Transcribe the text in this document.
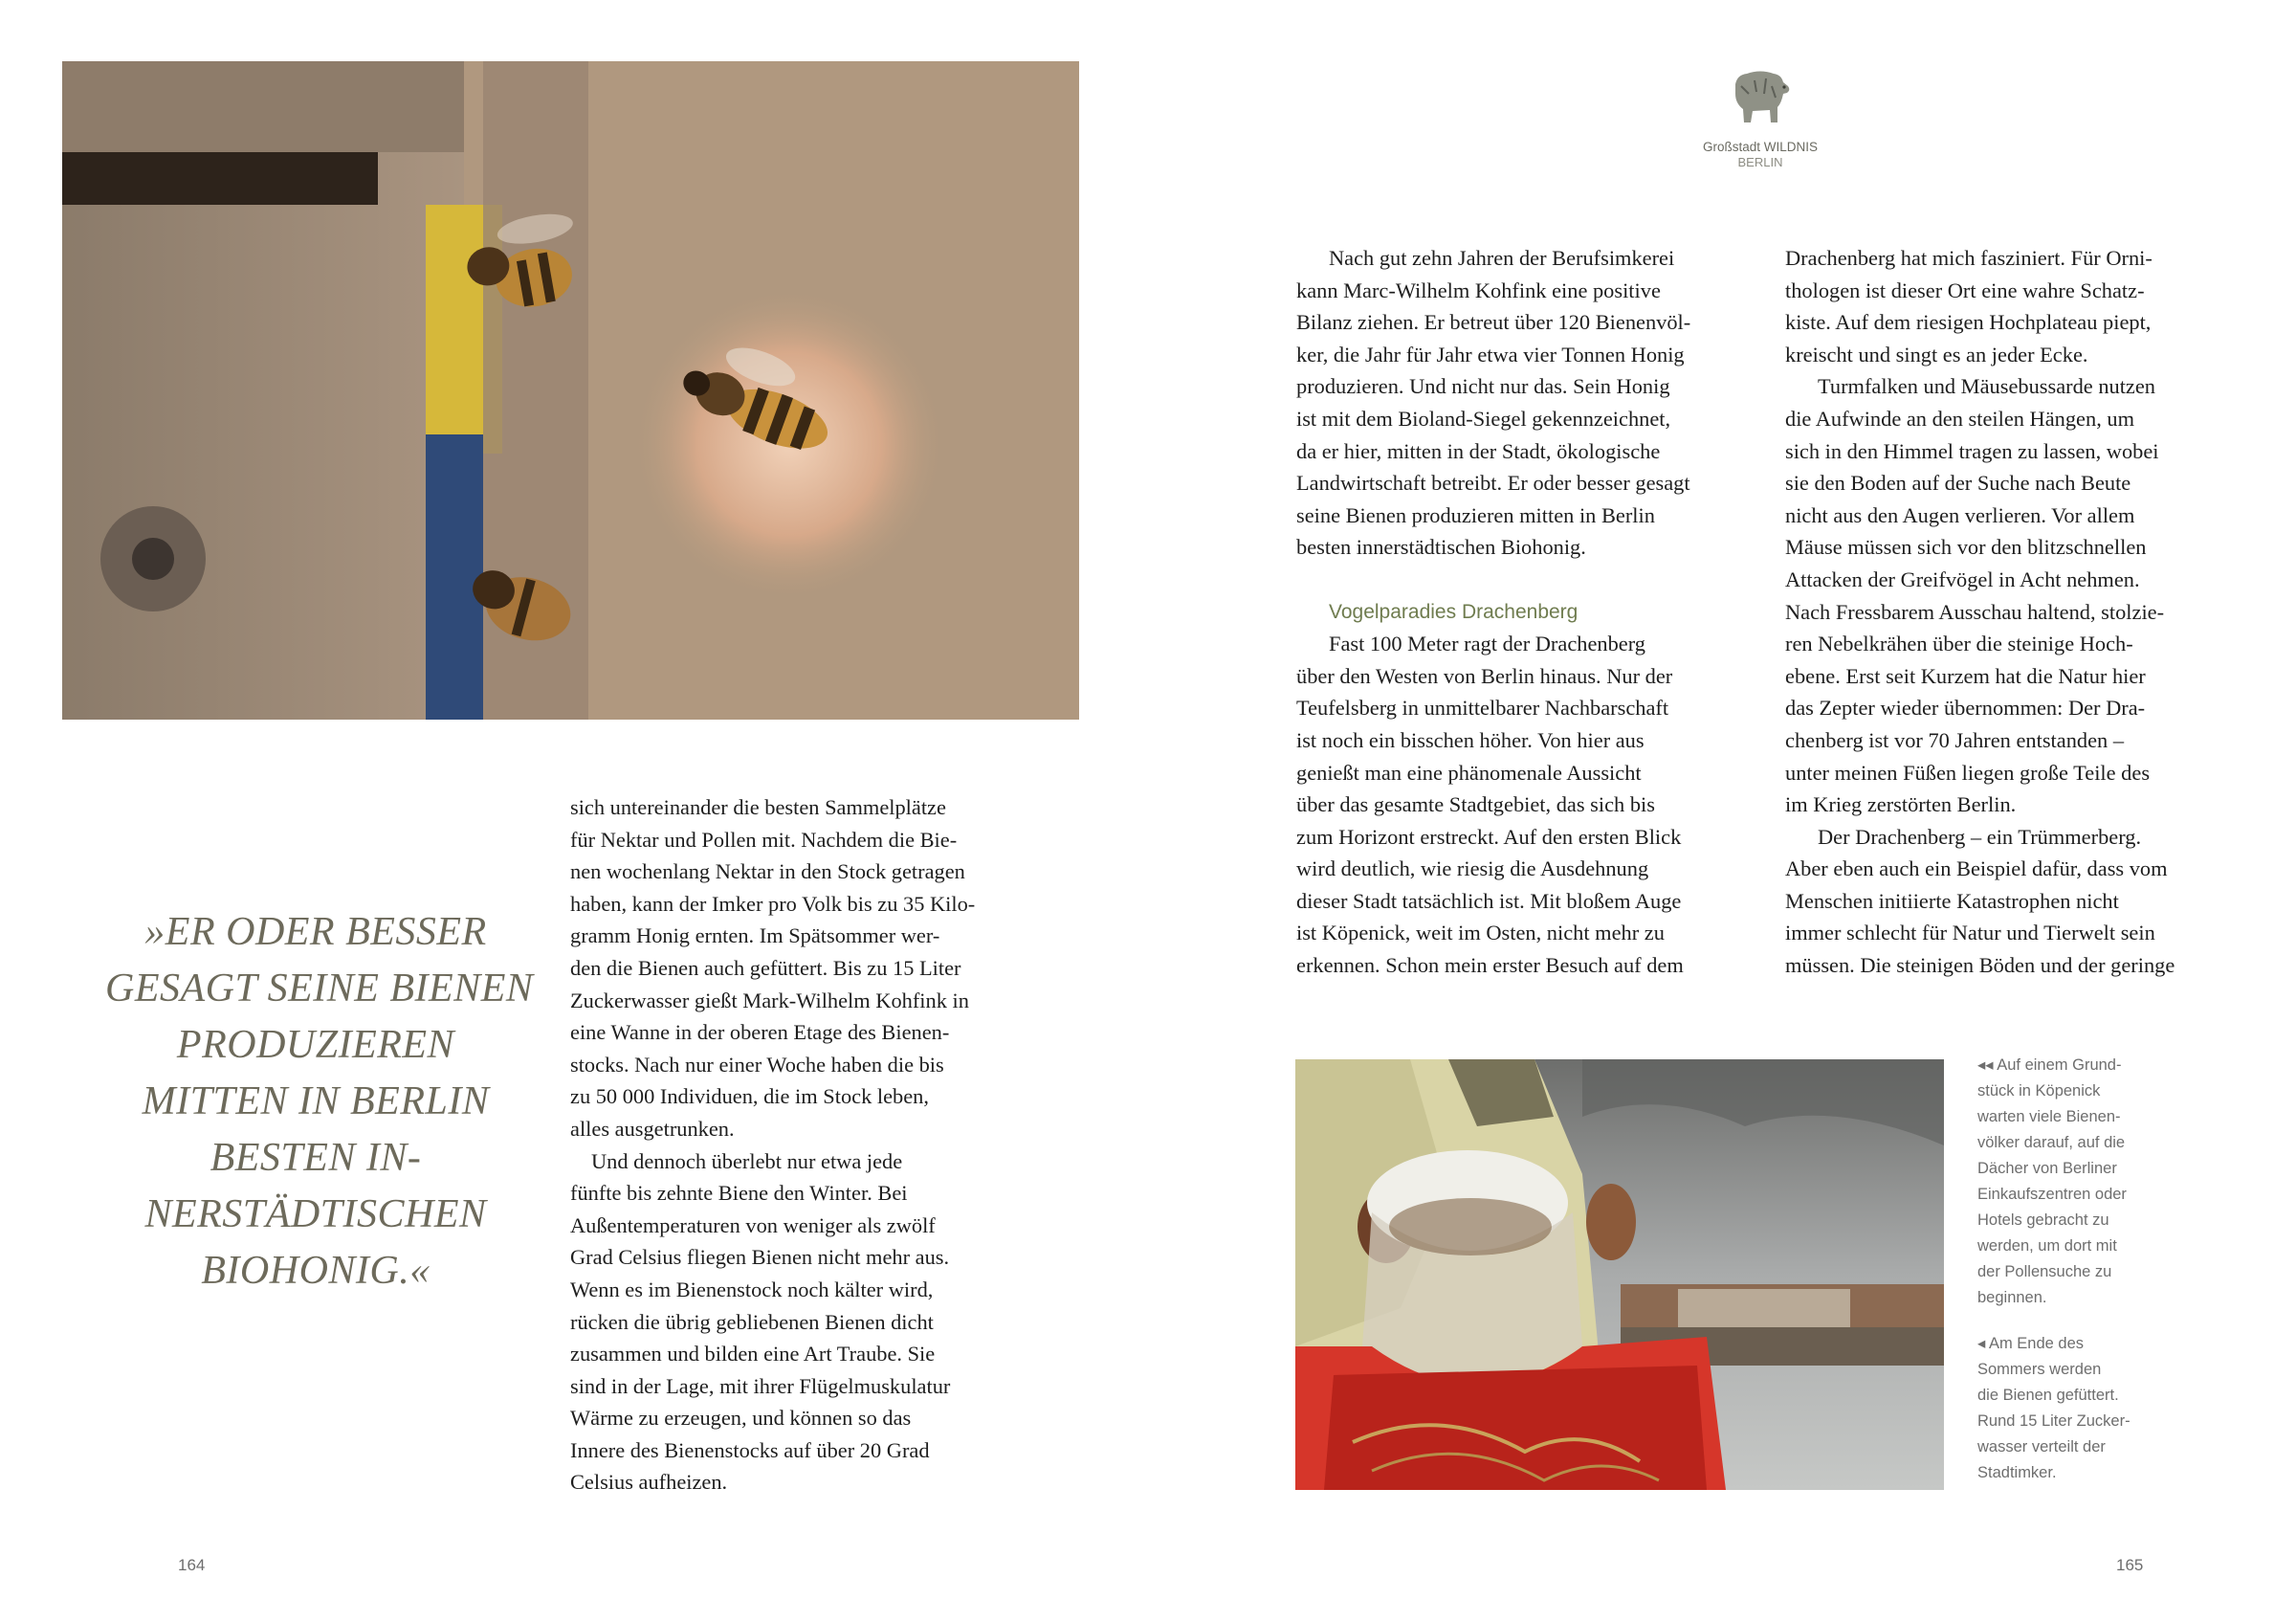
»ER ODER BESSER
GESAGT SEINE BIENEN
PRODUZIEREN
MITTEN IN BERLIN
BESTEN IN-
NERSTÄDTISCHEN
BIOHONIG.«
sich untereinander die besten Sammelplätze
für Nektar und Pollen mit. Nachdem die Bie-
nen wochenlang Nektar in den Stock getragen
haben, kann der Imker pro Volk bis zu 35 Kilo-
gramm Honig ernten. Im Spätsommer wer-
den die Bienen auch gefüttert. Bis zu 15 Liter
Zuckerwasser gießt Mark-Wilhelm Kohfink in
eine Wanne in der oberen Etage des Bienen-
stocks. Nach nur einer Woche haben die bis
zu 50 000 Individuen, die im Stock leben,
alles ausgetrunken.
Und dennoch überlebt nur etwa jede
fünfte bis zehnte Biene den Winter. Bei
Außentemperaturen von weniger als zwölf
Grad Celsius fliegen Bienen nicht mehr aus.
Wenn es im Bienenstock noch kälter wird,
rücken die übrig gebliebenen Bienen dicht
zusammen und bilden eine Art Traube. Sie
sind in der Lage, mit ihrer Flügelmuskulatur
Wärme zu erzeugen, und können so das
Innere des Bienenstocks auf über 20 Grad
Celsius aufheizen.
164
Großstadt WILDNIS
BERLIN
Nach gut zehn Jahren der Berufsimkerei
kann Marc-Wilhelm Kohfink eine positive
Bilanz ziehen. Er betreut über 120 Bienenvöl-
ker, die Jahr für Jahr etwa vier Tonnen Honig
produzieren. Und nicht nur das. Sein Honig
ist mit dem Bioland-Siegel gekennzeichnet,
da er hier, mitten in der Stadt, ökologische
Landwirtschaft betreibt. Er oder besser gesagt
seine Bienen produzieren mitten in Berlin
besten innerstädtischen Biohonig.
Vogelparadies Drachenberg
Fast 100 Meter ragt der Drachenberg
über den Westen von Berlin hinaus. Nur der
Teufelsberg in unmittelbarer Nachbarschaft
ist noch ein bisschen höher. Von hier aus
genießt man eine phänomenale Aussicht
über das gesamte Stadtgebiet, das sich bis
zum Horizont erstreckt. Auf den ersten Blick
wird deutlich, wie riesig die Ausdehnung
dieser Stadt tatsächlich ist. Mit bloßem Auge
ist Köpenick, weit im Osten, nicht mehr zu
erkennen. Schon mein erster Besuch auf dem
Drachenberg hat mich fasziniert. Für Orni-
thologen ist dieser Ort eine wahre Schatz-
kiste. Auf dem riesigen Hochplateau piept,
kreischt und singt es an jeder Ecke.
Turmfalken und Mäusebussarde nutzen
die Aufwinde an den steilen Hängen, um
sich in den Himmel tragen zu lassen, wobei
sie den Boden auf der Suche nach Beute
nicht aus den Augen verlieren. Vor allem
Mäuse müssen sich vor den blitzschnellen
Attacken der Greifvögel in Acht nehmen.
Nach Fressbarem Ausschau haltend, stolzie-
ren Nebelkrähen über die steinige Hoch-
ebene. Erst seit Kurzem hat die Natur hier
das Zepter wieder übernommen: Der Dra-
chenberg ist vor 70 Jahren entstanden –
unter meinen Füßen liegen große Teile des
im Krieg zerstörten Berlin.
Der Drachenberg – ein Trümmerberg.
Aber eben auch ein Beispiel dafür, dass vom
Menschen initiierte Katastrophen nicht
immer schlecht für Natur und Tierwelt sein
müssen. Die steinigen Böden und der geringe
◂◂ Auf einem Grund-
stück in Köpenick
warten viele Bienen-
völker darauf, auf die
Dächer von Berliner
Einkaufszentren oder
Hotels gebracht zu
werden, um dort mit
der Pollensuche zu
beginnen.
◂ Am Ende des
Sommers werden
die Bienen gefüttert.
Rund 15 Liter Zucker-
wasser verteilt der
Stadtimker.
165
